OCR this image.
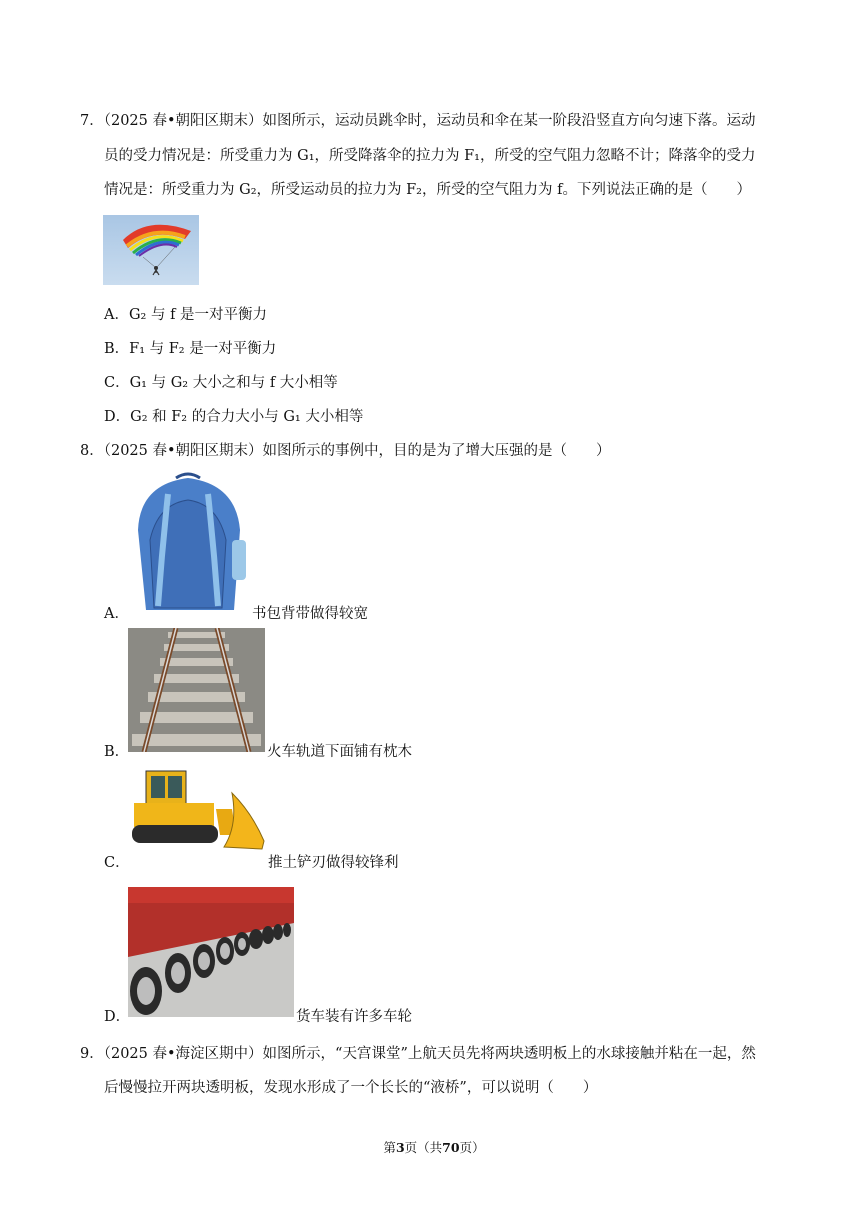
7．（2025 春•朝阳区期末）如图所示，运动员跳伞时，运动员和伞在某一阶段沿竖直方向匀速下落。运动
员的受力情况是：所受重力为 G₁，所受降落伞的拉力为 F₁，所受的空气阻力忽略不计；降落伞的受力
情况是：所受重力为 G₂，所受运动员的拉力为 F₂，所受的空气阻力为 f。下列说法正确的是（　　）
A．G₂ 与 f 是一对平衡力
B．F₁ 与 F₂ 是一对平衡力
C．G₁ 与 G₂ 大小之和与 f 大小相等
D．G₂ 和 F₂ 的合力大小与 G₁ 大小相等
8．（2025 春•朝阳区期末）如图所示的事例中，目的是为了增大压强的是（　　）
A．	书包背带做得较宽
B．	火车轨道下面铺有枕木
C．	推土铲刃做得较锋利
D．	货车装有许多车轮
9．（2025 春•海淀区期中）如图所示，“天宫课堂”上航天员先将两块透明板上的水球接触并粘在一起，然
后慢慢拉开两块透明板，发现水形成了一个长长的“液桥”，可以说明（　　）
第3页（共70页）
